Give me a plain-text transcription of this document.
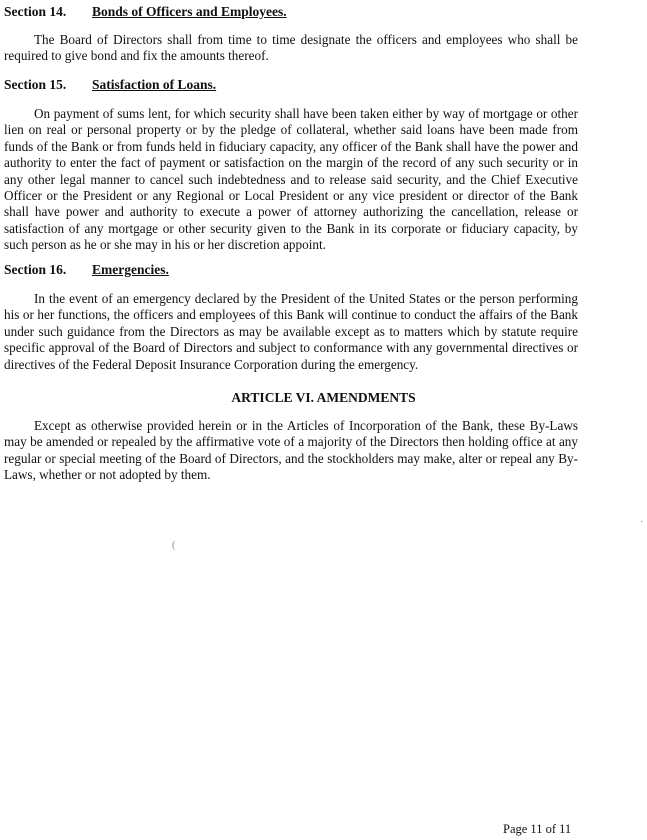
Section 14. Bonds of Officers and Employees.

The Board of Directors shall from time to time designate the officers and employees who shall be required to give bond and fix the amounts thereof.

Section 15. Satisfaction of Loans.

On payment of sums lent, for which security shall have been taken either by way of mortgage or other lien on real or personal property or by the pledge of collateral, whether said loans have been made from funds of the Bank or from funds held in fiduciary capacity, any officer of the Bank shall have the power and authority to enter the fact of payment or satisfaction on the margin of the record of any such security or in any other legal manner to cancel such indebtedness and to release said security, and the Chief Executive Officer or the President or any Regional or Local President or any vice president or director of the Bank shall have power and authority to execute a power of attorney authorizing the cancellation, release or satisfaction of any mortgage or other security given to the Bank in its corporate or fiduciary capacity, by such person as he or she may in his or her discretion appoint.

Section 16. Emergencies.

In the event of an emergency declared by the President of the United States or the person performing his or her functions, the officers and employees of this Bank will continue to conduct the affairs of the Bank under such guidance from the Directors as may be available except as to matters which by statute require specific approval of the Board of Directors and subject to conformance with any governmental directives or directives of the Federal Deposit Insurance Corporation during the emergency.

ARTICLE VI. AMENDMENTS

Except as otherwise provided herein or in the Articles of Incorporation of the Bank, these By-Laws may be amended or repealed by the affirmative vote of a majority of the Directors then holding office at any regular or special meeting of the Board of Directors, and the stockholders may make, alter or repeal any By-Laws, whether or not adopted by them.

(
·
Page 11 of 11
